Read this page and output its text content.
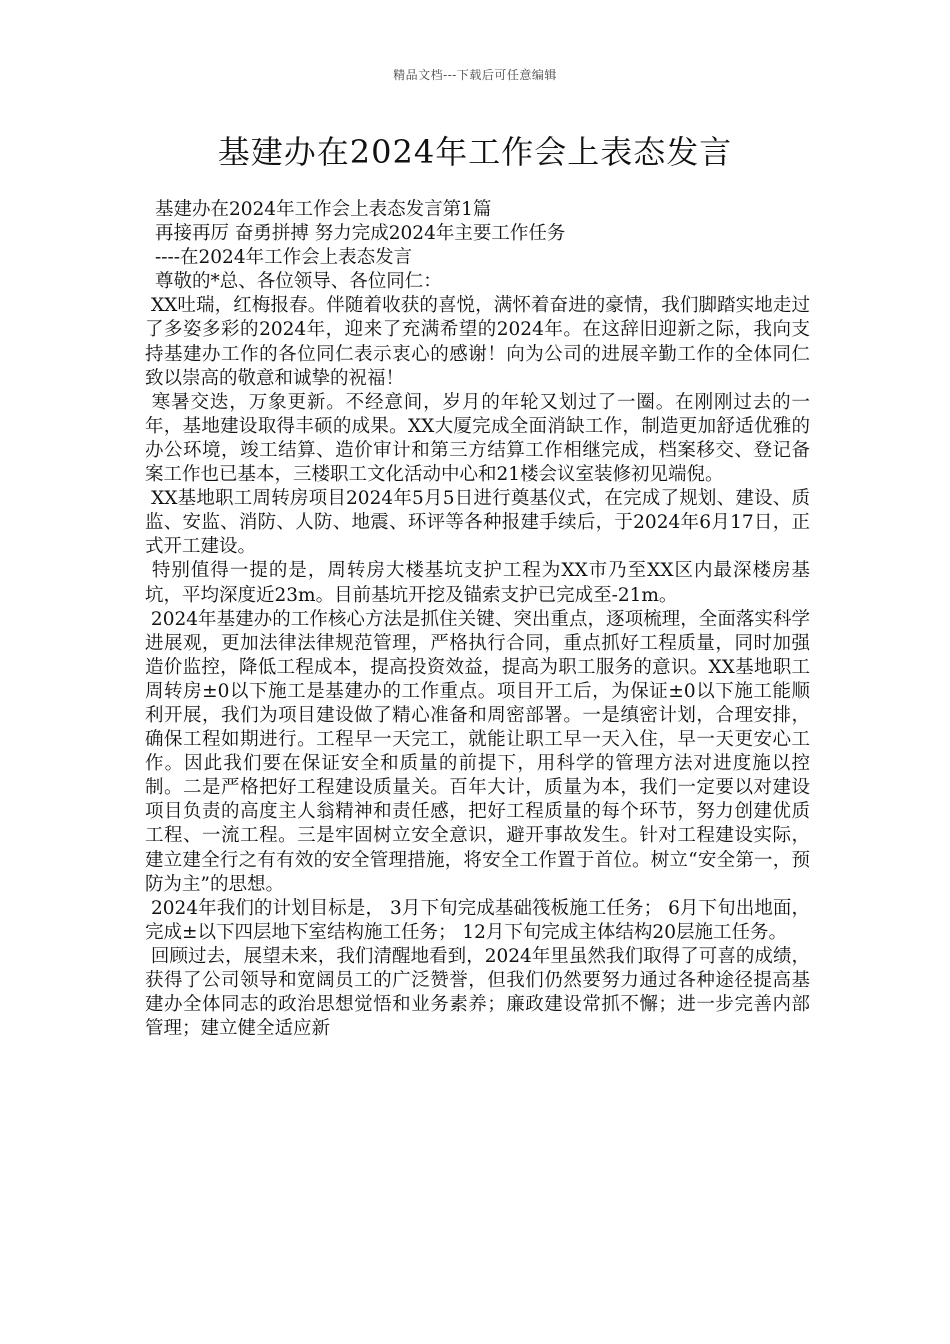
精品文档---下载后可任意编辑
基建办在2024年工作会上表态发言
基建办在2024年工作会上表态发言第1篇
再接再厉 奋勇拼搏 努力完成2024年主要工作任务
----在2024年工作会上表态发言
尊敬的*总、各位领导、各位同仁：

XX吐瑞，红梅报春。伴随着收获的喜悦，满怀着奋进的豪情，我们脚踏实地走过了多姿多彩的2024年，迎来了充满希望的2024年。在这辞旧迎新之际，我向支持基建办工作的各位同仁表示衷心的感谢！向为公司的进展辛勤工作的全体同仁致以崇高的敬意和诚挚的祝福！

寒暑交迭，万象更新。不经意间，岁月的年轮又划过了一圈。在刚刚过去的一年，基地建设取得丰硕的成果。XX大厦完成全面消缺工作，制造更加舒适优雅的办公环境，竣工结算、造价审计和第三方结算工作相继完成，档案移交、登记备案工作也已基本，三楼职工文化活动中心和21楼会议室装修初见端倪。

XX基地职工周转房项目2024年5月5日进行奠基仪式，在完成了规划、建设、质监、安监、消防、人防、地震、环评等各种报建手续后，于2024年6月17日，正式开工建设。

特别值得一提的是，周转房大楼基坑支护工程为XX市乃至XX区内最深楼房基坑，平均深度近23m。目前基坑开挖及锚索支护已完成至-21m。

2024年基建办的工作核心方法是抓住关键、突出重点，逐项梳理，全面落实科学进展观，更加法律法律规范管理，严格执行合同，重点抓好工程质量，同时加强造价监控，降低工程成本，提高投资效益，提高为职工服务的意识。XX基地职工周转房±0以下施工是基建办的工作重点。项目开工后，为保证±0以下施工能顺利开展，我们为项目建设做了精心准备和周密部署。一是缜密计划，合理安排，确保工程如期进行。工程早一天完工，就能让职工早一天入住，早一天更安心工作。因此我们要在保证安全和质量的前提下，用科学的管理方法对进度施以控制。二是严格把好工程建设质量关。百年大计，质量为本，我们一定要以对建设项目负责的高度主人翁精神和责任感，把好工程质量的每个环节，努力创建优质工程、一流工程。三是牢固树立安全意识，避开事故发生。针对工程建设实际，建立建全行之有有效的安全管理措施，将安全工作置于首位。树立“安全第一，预防为主”的思想。

2024年我们的计划目标是， 3月下旬完成基础筏板施工任务； 6月下旬出地面，完成±以下四层地下室结构施工任务； 12月下旬完成主体结构20层施工任务。

回顾过去，展望未来，我们清醒地看到，2024年里虽然我们取得了可喜的成绩，获得了公司领导和宽阔员工的广泛赞誉，但我们仍然要努力通过各种途径提高基建办全体同志的政治思想觉悟和业务素养；廉政建设常抓不懈；进一步完善内部管理；建立健全适应新
